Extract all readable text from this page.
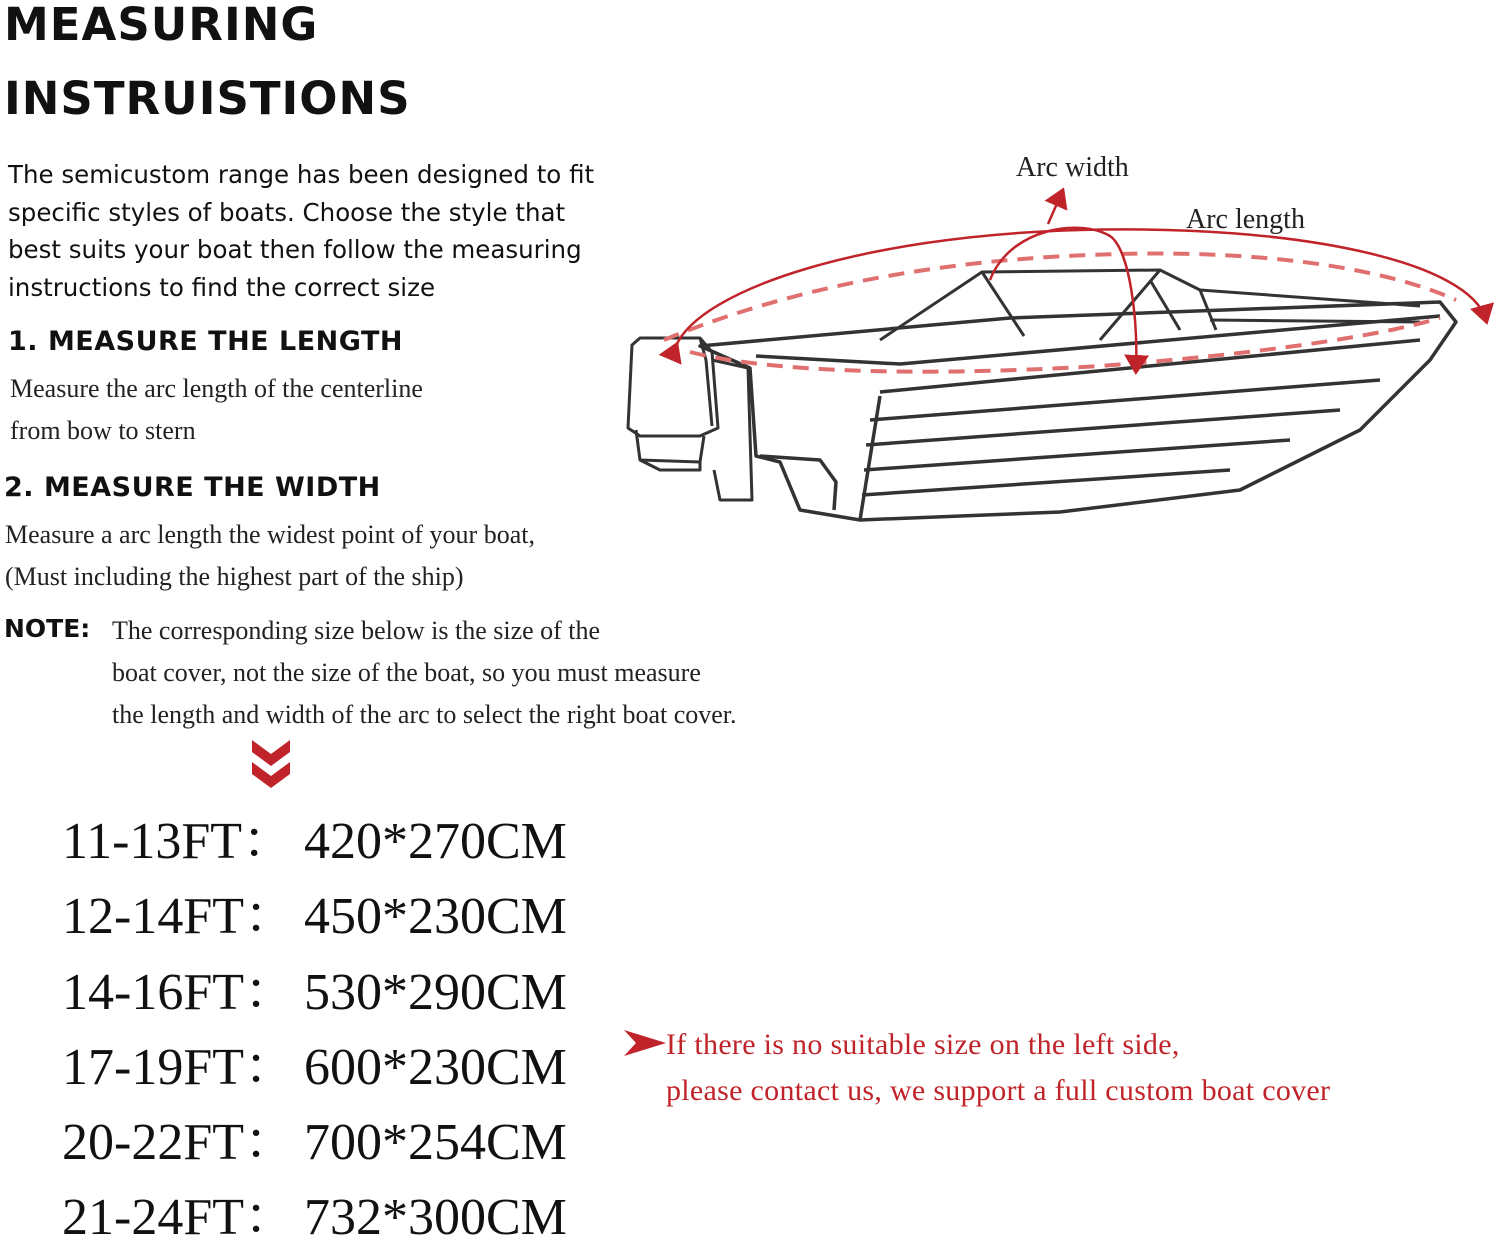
MEASURING
INSTRUISTIONS
The semicustom range has been designed to fit
specific styles of boats. Choose the style that
best suits your boat then follow the measuring
instructions to find the correct size
1. MEASURE THE LENGTH
Measure the arc length of the centerline
from bow to stern
2. MEASURE THE WIDTH
Measure a arc length the widest point of your boat,
(Must including the highest part of the ship)
NOTE: The corresponding size below is the size of the
boat cover, not the size of the boat, so you must measure
the length and width of the arc to select the right boat cover.
11-13FT： 420*270CM
12-14FT： 450*230CM
14-16FT： 530*290CM
17-19FT： 600*230CM
20-22FT： 700*254CM
21-24FT： 732*300CM
If there is no suitable size on the left side,
please contact us, we support a full custom boat cover
Arc width
Arc length
